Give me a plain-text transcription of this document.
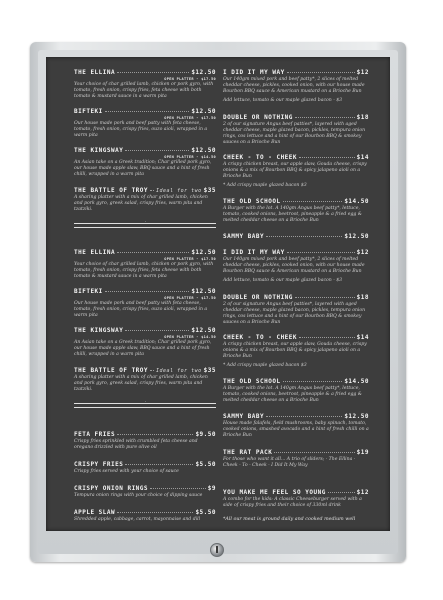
THE ELLINA	$12.50
OPEN PLATTER - $17.50
Your choice of char grilled lamb, chicken or pork gyro, with tomato, fresh onion, crispy fries, feta cheese with both tomato & mustard sauce in a warm pita
BIFTEKI	$12.50
OPEN PLATTER - $17.50
Our house made pork and beef patty with feta cheese, tomato, fresh onion, crispy fries, ouzo aioli, wrapped in a warm pita
THE KINGSWAY	$12.50
OPEN PLATTER - $14.50
An Asian take on a Greek tradition; Char grilled pork gyro, our house made apple slaw, BBQ sauce and a hint of fresh chilli, wrapped in a warm pita
THE BATTLE OF TROY Ideal for two $35
A sharing platter with a mix of char grilled lamb, chicken and pork gyro, greek salad, crispy fries, warm pita and tzatziki.
·
THE ELLINA	$12.50
OPEN PLATTER - $17.50
Your choice of char grilled lamb, chicken or pork gyro, with tomato, fresh onion, crispy fries, feta cheese with both tomato & mustard sauce in a warm pita
BIFTEKI	$12.50
OPEN PLATTER - $17.50
Our house made pork and beef patty with feta cheese, tomato, fresh onion, crispy fries, ouzo aioli, wrapped in a warm pita
THE KINGSWAY	$12.50
OPEN PLATTER - $14.50
An Asian take on a Greek tradition; Char grilled pork gyro, our house made apple slaw, BBQ sauce and a hint of fresh chilli, wrapped in a warm pita
THE BATTLE OF TROY Ideal for two $35
A sharing platter with a mix of char grilled lamb, chicken and pork gyro, greek salad, crispy fries, warm pita and tzatziki.
·
FETA FRIES	$9.50
Crispy fries sprinkled with crumbled feta cheese and oregano drizzled with pure olive oil
CRISPY FRIES	$5.50
Crispy fries served with your choice of sauce
CRISPY ONION RINGS	$9
Tempura onion rings with your choice of dipping sauce
APPLE SLAW	$5.50
Shredded apple, cabbage, carrot, mayonnaise and dill
I DID IT MY WAY	$12
Our 140gm mixed pork and beef patty*, 2 slices of melted cheddar cheese, pickles, cooked onion, with our house made Bourbon BBQ sauce & American mustard on a Brioche Bun
Add lettuce, tomato & our maple glazed bacon - $3
DOUBLE OR NOTHING	$18
2 of our signature Angus beef patties*, layered with aged cheddar cheese, maple glazed bacon, pickles, tempura onion rings, cos lettuce and a hint of our Bourbon BBQ & smokey sauces on a Brioche Bun
CHEEK - TO - CHEEK	$14
A crispy chicken breast, our apple slaw, Gouda cheese, crispy onions & a mix of Bourbon BBQ & spicy jalapeno aioli on a Brioche Bun
* Add crispy maple glazed bacon $3
THE OLD SCHOOL	$14.50
A Burger with the lot. A 140gm Angus beef patty*, lettuce, tomato, cooked onions, beetroot, pineapple & a fried egg & melted cheddar cheese on a Brioche Bun
SAMMY BABY	$12.50
I DID IT MY WAY	$12
Our 140gm mixed pork and beef patty*, 2 slices of melted cheddar cheese, pickles, cooked onion, with our house made Bourbon BBQ sauce & American mustard on a Brioche Bun
Add lettuce, tomato & our maple glazed bacon - $3
DOUBLE OR NOTHING	$18
2 of our signature Angus beef patties*, layered with aged cheddar cheese, maple glazed bacon, pickles, tempura onion rings, cos lettuce and a hint of our Bourbon BBQ & smokey sauces on a Brioche Bun
CHEEK - TO - CHEEK	$14
A crispy chicken breast, our apple slaw, Gouda cheese, crispy onions & a mix of Bourbon BBQ & spicy jalapeno aioli on a Brioche Bun
* Add crispy maple glazed bacon $3
THE OLD SCHOOL	$14.50
A Burger with the lot. A 140gm Angus beef patty*, lettuce, tomato, cooked onions, beetroot, pineapple & a fried egg & melted cheddar cheese on a Brioche Bun
SAMMY BABY	$12.50
House made falafels, field mushrooms, baby spinach, tomato, cooked onions, smashed avocado and a hint of fresh chilli on a Brioche Bun
THE RAT PACK	$19
For those who want it all... A trio of sliders; · The Ellina · Cheek - To - Cheek · I Did It My Way
YOU MAKE ME FEEL SO YOUNG	$12
A combo for the kids: A classic Cheeseburger served with a side of crispy fries and their choice of 330ml drink
*All our meat is ground daily and cooked medium well
